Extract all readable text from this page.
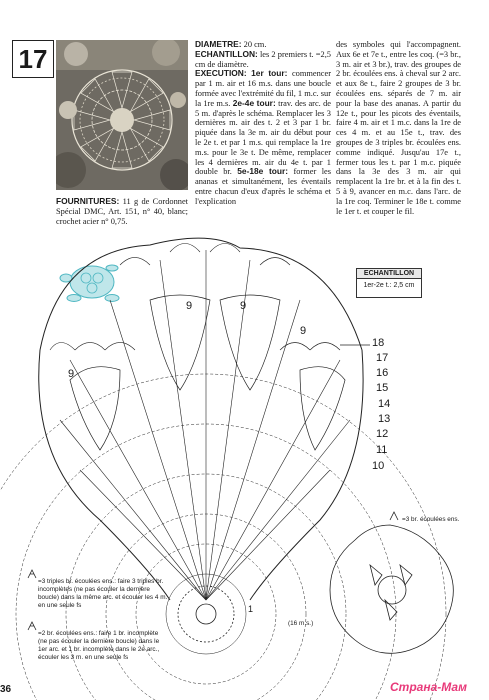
17
FOURNITURES: 11 g de Cordonnet Spécial DMC, Art. 151, n° 40, blanc; crochet acier n° 0,75.
DIAMETRE: 20 cm.
ECHANTILLON: les 2 premiers t. =2,5 cm de diamètre.
EXECUTION: 1er tour: commencer par 1 m. air et 16 m.s. dans une boucle formée avec l'extrémité du fil, 1 m.c. sur la 1re m.s. 2e-4e tour: trav. des arc. de 5 m. d'après le schéma. Remplacer les 3 dernières m. air des t. 2 et 3 par 1 br. piquée dans la 3e m. air du début pour le 2e t. et par 1 m.s. qui remplace la 1re m.s. pour le 3e t. De même, remplacer les 4 dernières m. air du 4e t. par 1 double br. 5e-18e tour: former les ananas et simultanément, les éventails entre chacun d'eux d'après le schéma et l'explication
des symboles qui l'accompagnent. Aux 6e et 7e t., entre les coq. (=3 br., 3 m. air et 3 br.), trav. des groupes de 2 br. écoulées ens. à cheval sur 2 arc. et aux 8e t., faire 2 groupes de 3 br. écoulées ens. séparés de 7 m. air pour la base des ananas. A partir du 12e t., pour les picots des éventails, faire 4 m. air et 1 m.c. dans la 1re de ces 4 m. et au 15e t., trav. des groupes de 3 triples br. écoulées ens. comme indiqué. Jusqu'au 17e t., fermer tous les t. par 1 m.c. piquée dans la 3e des 3 m. air qui remplacent la 1re br. et à la fin des t. 5 à 9, avancer en m.c. dans l'arc. de la 1re coq. Terminer le 18e t. comme le 1er t. et couper le fil.
ECHANTILLON
1er-2e t.: 2,5 cm
18
17
16
15
14
13
12
11
10
9
9	9
9
1
(16 m.s.)
=3 triples br. écoulées ens.: faire 3 triples br. incomplètes (ne pas écouler la dernière boucle) dans la même arc. et écouler les 4 m. en une seule fs
=2 br. écoulées ens.: faire 1 br. incomplète (ne pas écouler la dernière boucle) dans le 1er arc. et 1 br. incomplète dans le 2e arc., écouler les 3 m. en une seule fs
=3 br. écoulées ens.
36	Страна-Мам
